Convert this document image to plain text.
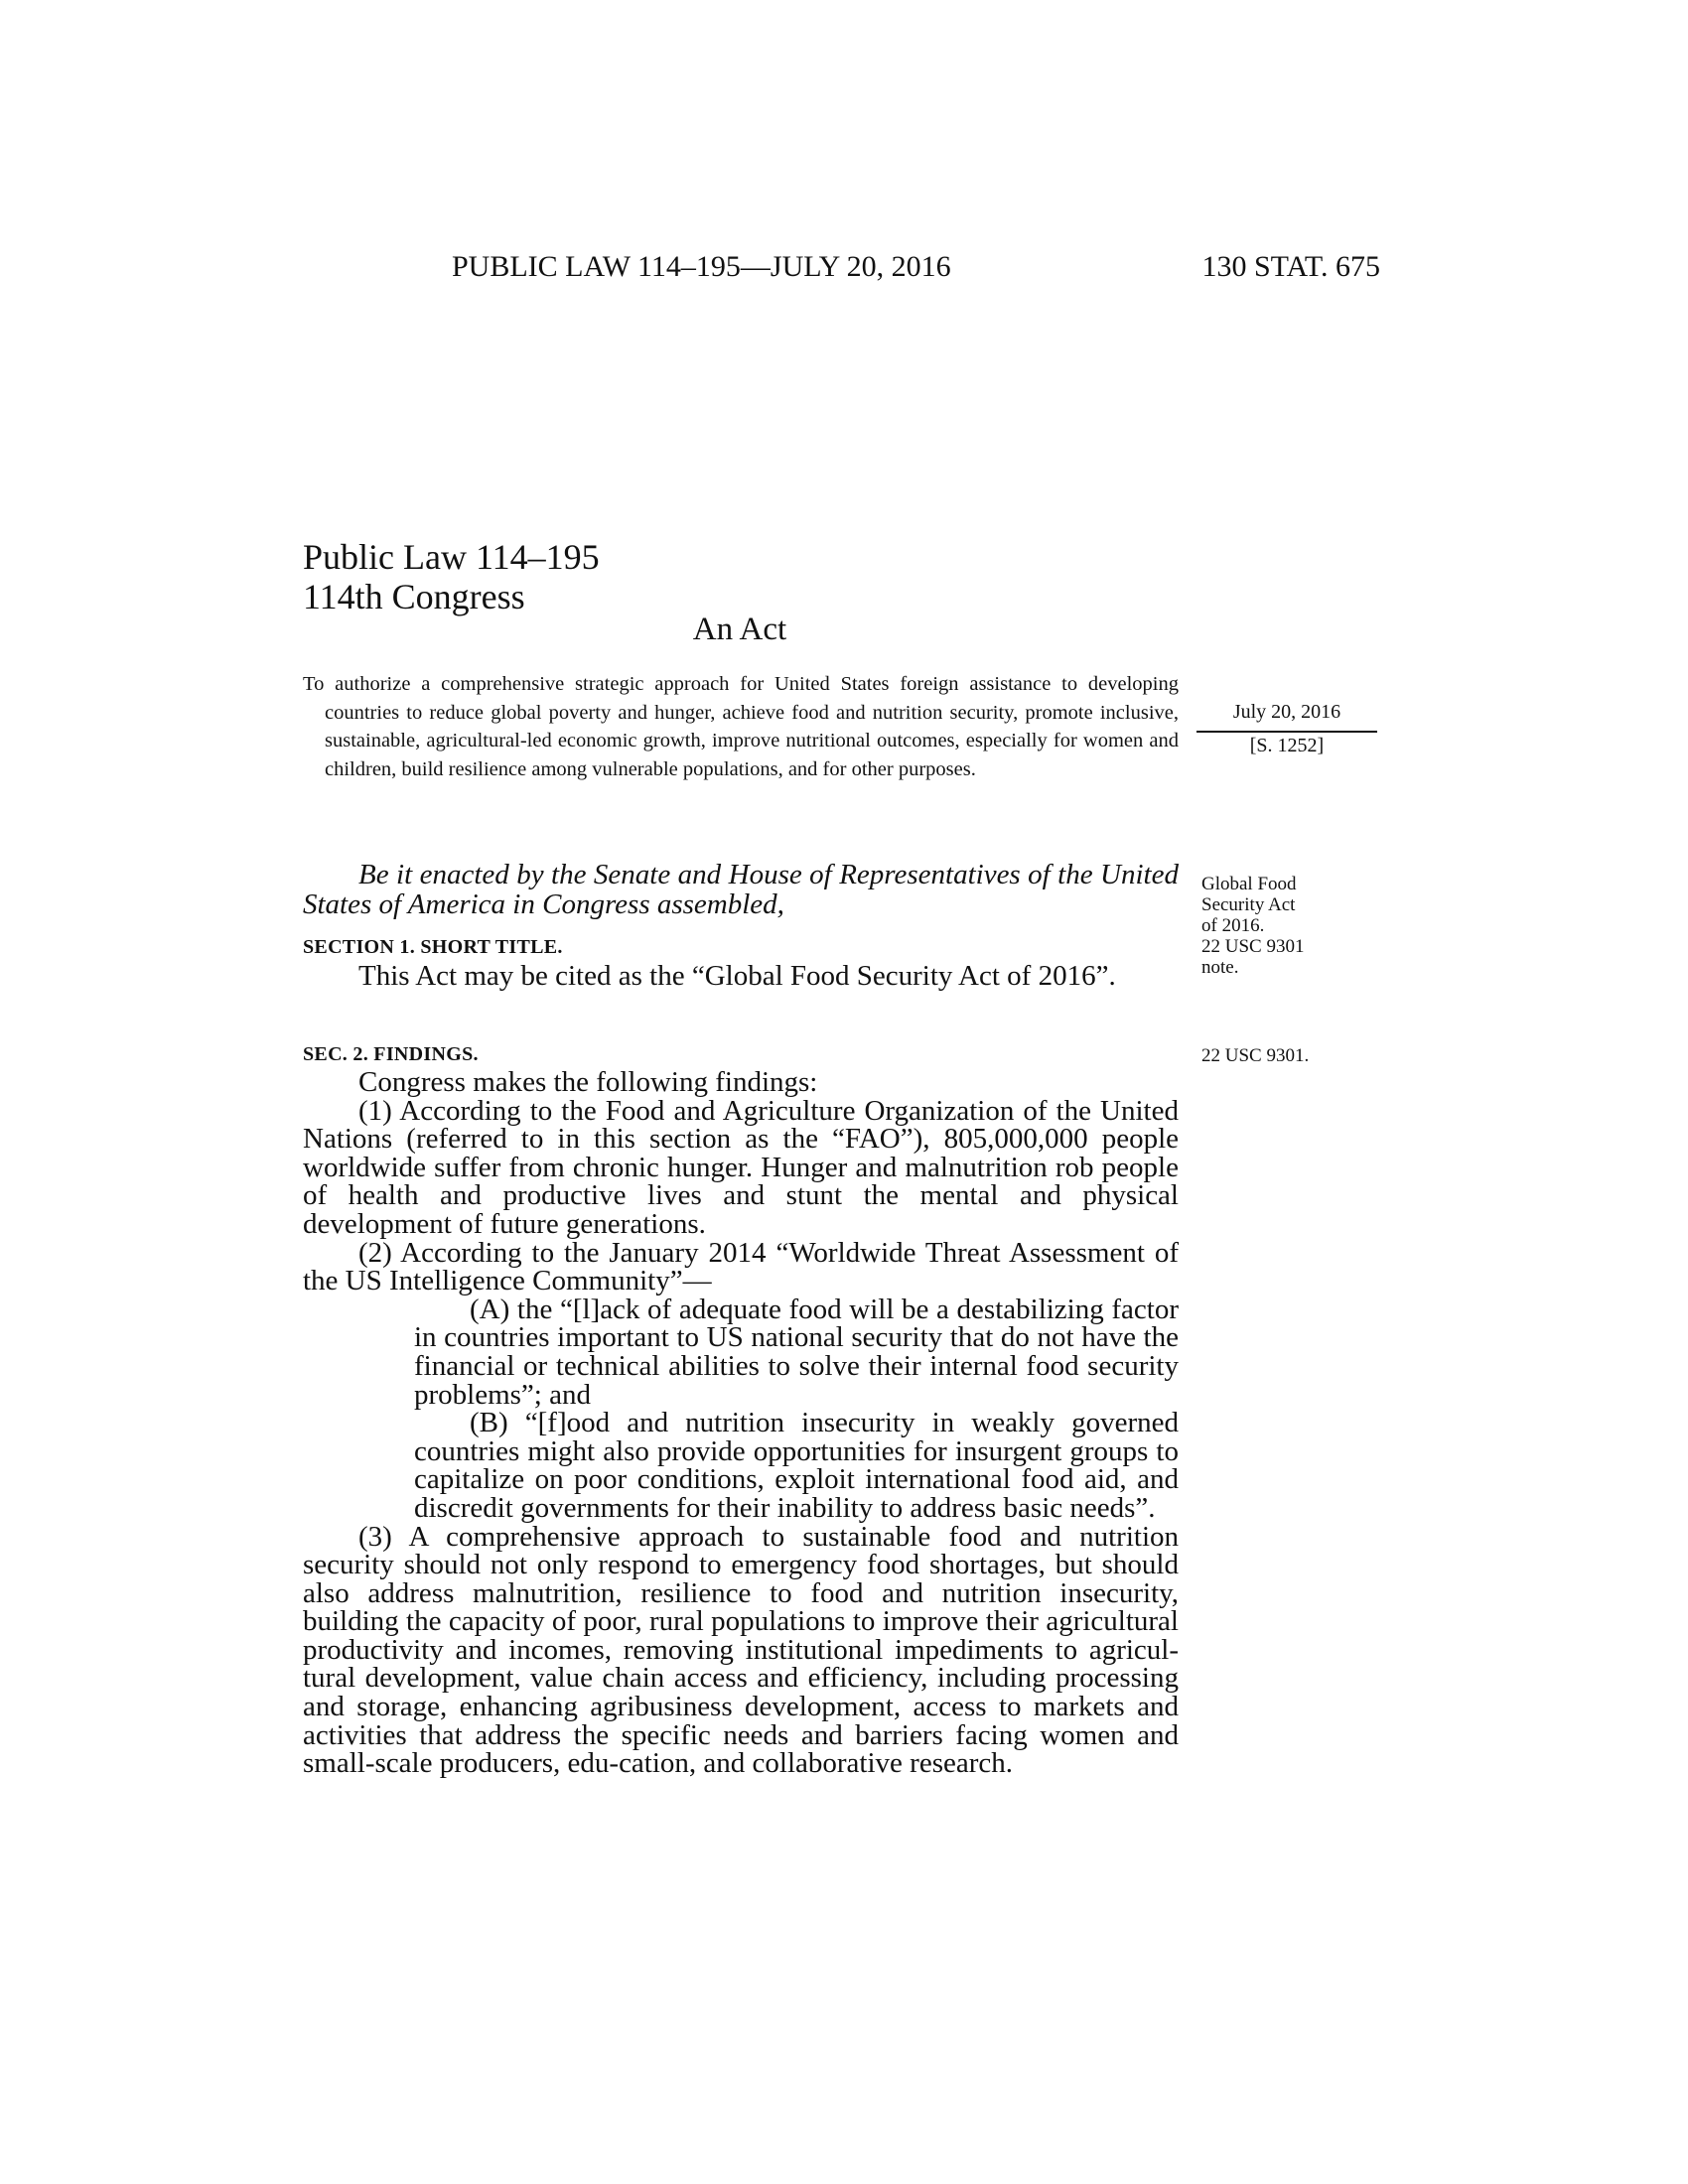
PUBLIC LAW 114–195—JULY 20, 2016	130 STAT. 675
Public Law 114–195
114th Congress
An Act

To authorize a comprehensive strategic approach for United States foreign assistance to developing countries to reduce global poverty and hunger, achieve food and nutrition security, promote inclusive, sustainable, agricultural-led economic growth, improve nutritional outcomes, especially for women and children, build resilience among vulnerable populations, and for other purposes.

July 20, 2016
[S. 1252]

Be it enacted by the Senate and House of Representatives of the United States of America in Congress assembled,

Global Food
Security Act
of 2016.
22 USC 9301
note.
SECTION 1. SHORT TITLE.

This Act may be cited as the “Global Food Security Act of 2016”.

SEC. 2. FINDINGS.	22 USC 9301.

Congress makes the following findings:

(1) According to the Food and Agriculture Organization of the United Nations (referred to in this section as the “FAO”), 805,000,000 people worldwide suffer from chronic hunger. Hunger and malnutrition rob people of health and productive lives and stunt the mental and physical development of future generations.

(2) According to the January 2014 “Worldwide Threat Assessment of the US Intelligence Community”—

(A) the “[l]ack of adequate food will be a destabilizing factor in countries important to US national security that do not have the financial or technical abilities to solve their internal food security problems”; and

(B) “[f]ood and nutrition insecurity in weakly governed countries might also provide opportunities for insurgent groups to capitalize on poor conditions, exploit international food aid, and discredit governments for their inability to address basic needs”.

(3) A comprehensive approach to sustainable food and nutrition security should not only respond to emergency food shortages, but should also address malnutrition, resilience to food and nutrition insecurity, building the capacity of poor, rural populations to improve their agricultural productivity and incomes, removing institutional impediments to agricul-tural development, value chain access and efficiency, including processing and storage, enhancing agribusiness development, access to markets and activities that address the specific needs and barriers facing women and small-scale producers, edu-cation, and collaborative research.
